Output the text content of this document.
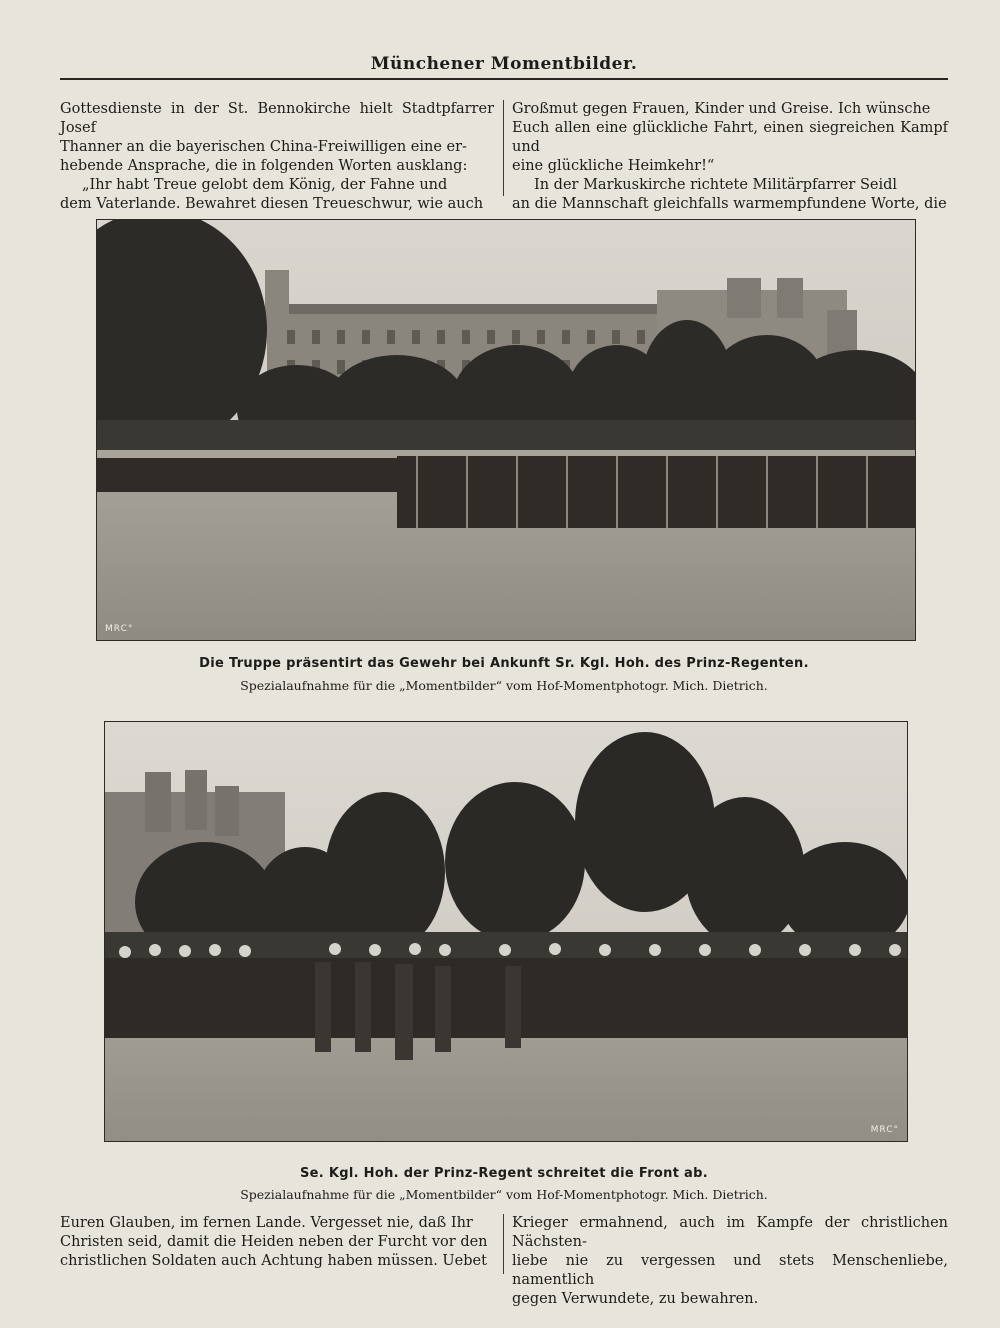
Münchener Momentbilder.

Gottesdienste in der St. Bennokirche hielt Stadtpfarrer Josef

Thanner an die bayerischen China-Freiwilligen eine er-

hebende Ansprache, die in folgenden Worten ausklang:

„Ihr habt Treue gelobt dem König, der Fahne und

dem Vaterlande. Bewahret diesen Treueschwur, wie auch

Großmut gegen Frauen, Kinder und Greise. Ich wünsche

Euch allen eine glückliche Fahrt, einen siegreichen Kampf und

eine glückliche Heimkehr!“

In der Markuskirche richtete Militärpfarrer Seidl

an die Mannschaft gleichfalls warmempfundene Worte, die

MRC°
Die Truppe präsentirt das Gewehr bei Ankunft Sr. Kgl. Hoh. des Prinz-Regenten.
Spezialaufnahme für die „Momentbilder“ vom Hof-Momentphotogr. Mich. Dietrich.
MRC°
Se. Kgl. Hoh. der Prinz-Regent schreitet die Front ab.
Spezialaufnahme für die „Momentbilder“ vom Hof-Momentphotogr. Mich. Dietrich.

Euren Glauben, im fernen Lande. Vergesset nie, daß Ihr

Christen seid, damit die Heiden neben der Furcht vor den

christlichen Soldaten auch Achtung haben müssen. Uebet

Krieger ermahnend, auch im Kampfe der christlichen Nächsten-

liebe nie zu vergessen und stets Menschenliebe, namentlich

gegen Verwundete, zu bewahren.
